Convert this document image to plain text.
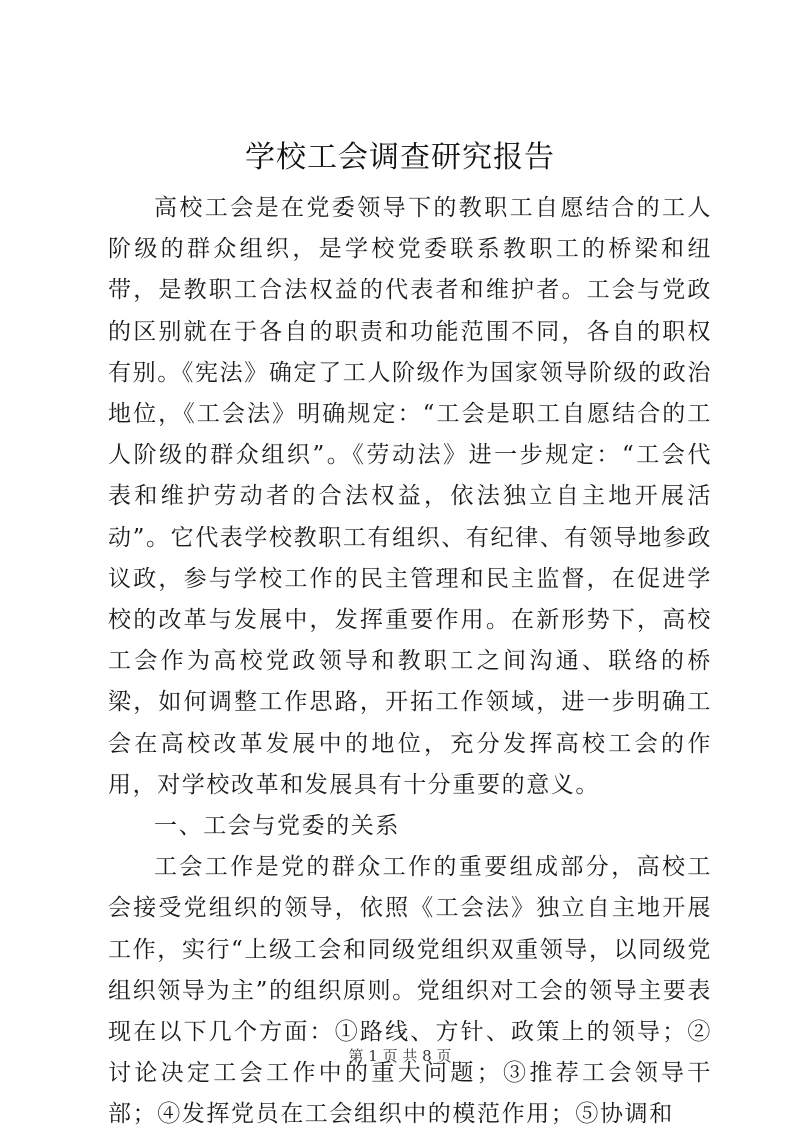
学校工会调查研究报告

高校工会是在党委领导下的教职工自愿结合的工人阶级的群众组织，是学校党委联系教职工的桥梁和纽带，是教职工合法权益的代表者和维护者。工会与党政的区别就在于各自的职责和功能范围不同，各自的职权有别。《宪法》确定了工人阶级作为国家领导阶级的政治地位，《工会法》明确规定：“工会是职工自愿结合的工人阶级的群众组织”。《劳动法》进一步规定：“工会代表和维护劳动者的合法权益，依法独立自主地开展活动”。它代表学校教职工有组织、有纪律、有领导地参政议政，参与学校工作的民主管理和民主监督，在促进学校的改革与发展中，发挥重要作用。在新形势下，高校工会作为高校党政领导和教职工之间沟通、联络的桥梁，如何调整工作思路，开拓工作领域，进一步明确工会在高校改革发展中的地位，充分发挥高校工会的作用，对学校改革和发展具有十分重要的意义。

一、工会与党委的关系

工会工作是党的群众工作的重要组成部分，高校工会接受党组织的领导，依照《工会法》独立自主地开展工作，实行“上级工会和同级党组织双重领导，以同级党组织领导为主”的组织原则。党组织对工会的领导主要表现在以下几个方面：①路线、方针、政策上的领导；②讨论决定工会工作中的重大问题；③推荐工会领导干部；④发挥党员在工会组织中的模范作用；⑤协调和

第 1 页 共 8 页
